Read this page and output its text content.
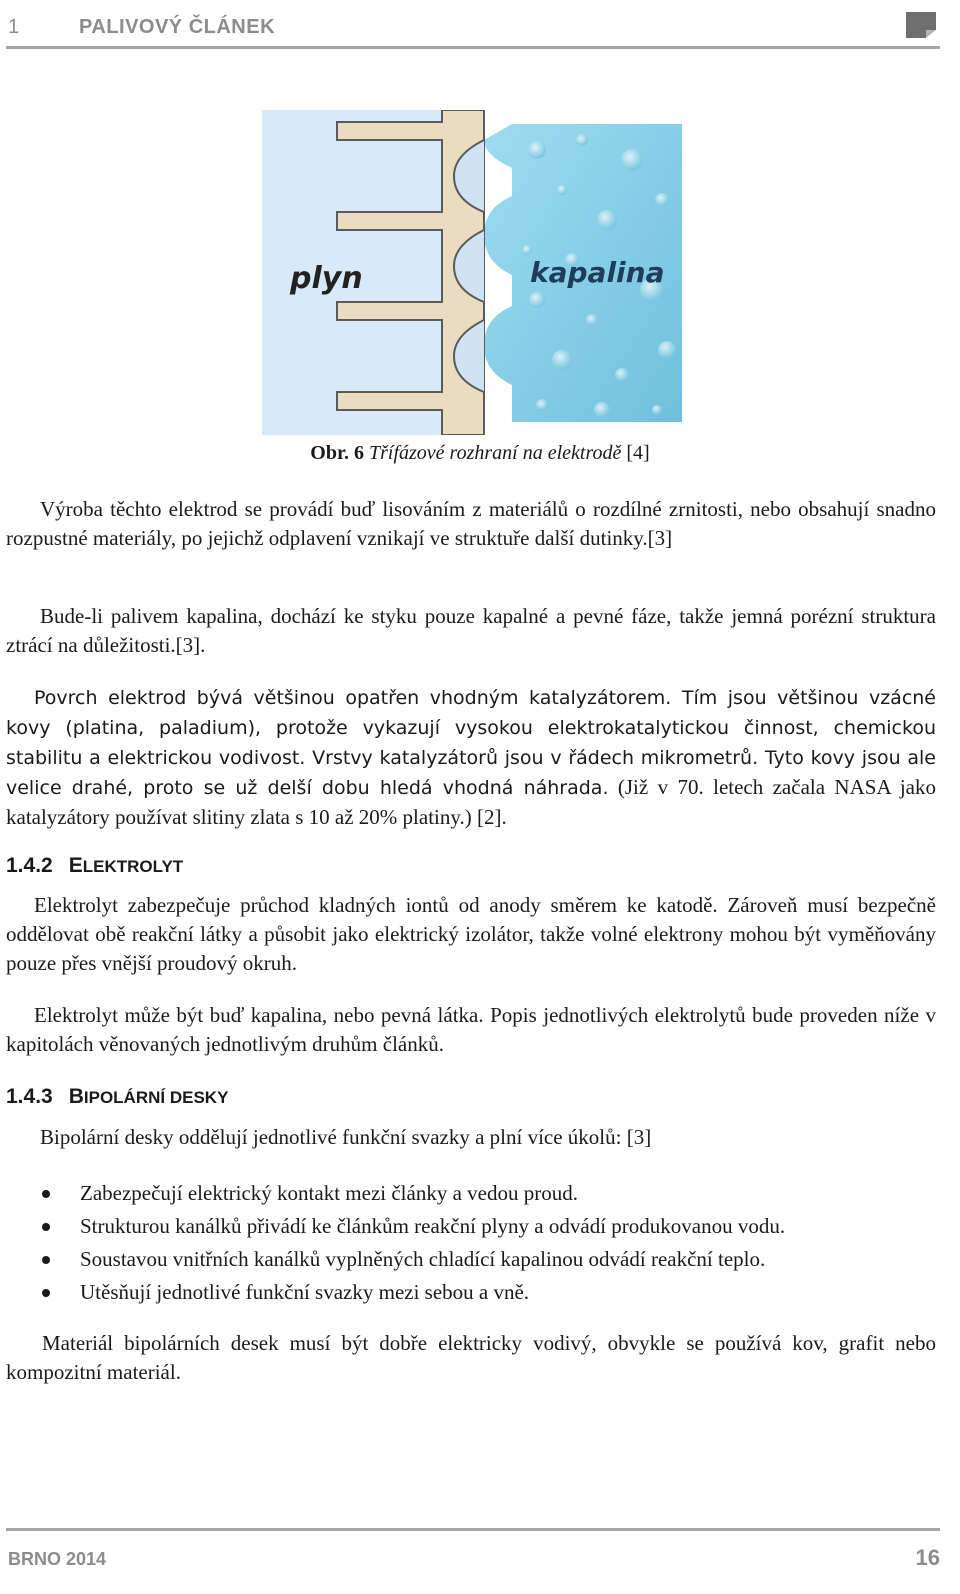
1	PALIVOVÝ ČLÁNEK
plyn	kapalina
Obr. 6 Třífázové rozhraní na elektrodě [4]

Výroba těchto elektrod se provádí buď lisováním z materiálů o rozdílné zrnitosti, nebo obsahují snadno rozpustné materiály, po jejichž odplavení vznikají ve struktuře další dutinky.[3]

Bude-li palivem kapalina, dochází ke styku pouze kapalné a pevné fáze, takže jemná porézní struktura ztrácí na důležitosti.[3].

Povrch elektrod bývá většinou opatřen vhodným katalyzátorem. Tím jsou většinou vzácné kovy (platina, paladium), protože vykazují vysokou elektrokatalytickou činnost, chemickou stabilitu a elektrickou vodivost. Vrstvy katalyzátorů jsou v řádech mikrometrů. Tyto kovy jsou ale velice drahé, proto se už delší dobu hledá vhodná náhrada. (Již v 70. letech začala NASA jako katalyzátory používat slitiny zlata s 10 až 20% platiny.) [2].

1.4.2 ELEKTROLYT

Elektrolyt zabezpečuje průchod kladných iontů od anody směrem ke katodě. Zároveň musí bezpečně oddělovat obě reakční látky a působit jako elektrický izolátor, takže volné elektrony mohou být vyměňovány pouze přes vnější proudový okruh.

Elektrolyt může být buď kapalina, nebo pevná látka. Popis jednotlivých elektrolytů bude proveden níže v kapitolách věnovaných jednotlivým druhům článků.

1.4.3 BIPOLÁRNÍ DESKY

Bipolární desky oddělují jednotlivé funkční svazky a plní více úkolů: [3]

Zabezpečují elektrický kontakt mezi články a vedou proud.
Strukturou kanálků přivádí ke článkům reakční plyny a odvádí produkovanou vodu.
Soustavou vnitřních kanálků vyplněných chladící kapalinou odvádí reakční teplo.
Utěsňují jednotlivé funkční svazky mezi sebou a vně.

Materiál bipolárních desek musí být dobře elektricky vodivý, obvykle se používá kov, grafit nebo kompozitní materiál.

BRNO 2014	16
